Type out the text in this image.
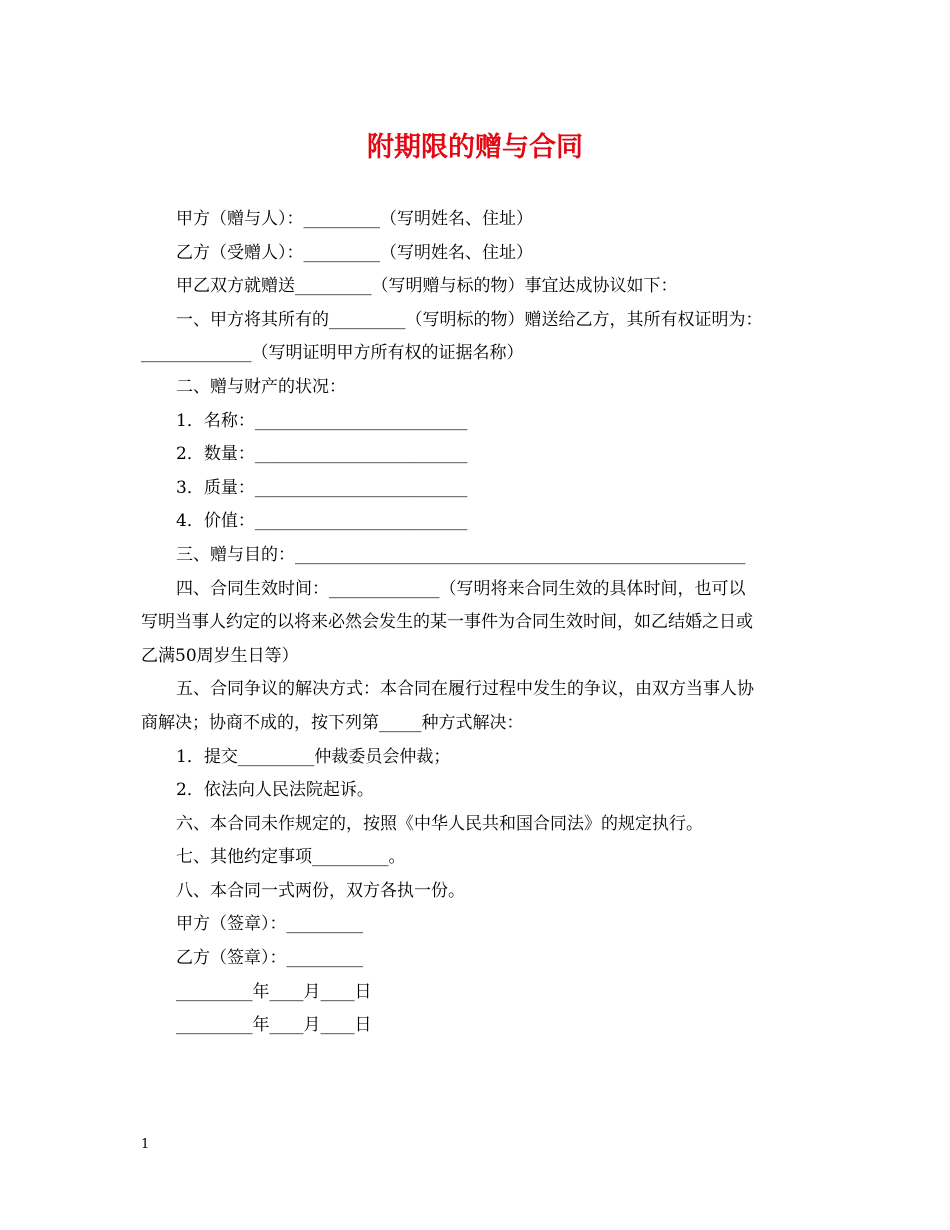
附期限的赠与合同

甲方（赠与人）：_________（写明姓名、住址）

乙方（受赠人）：_________（写明姓名、住址）

甲乙双方就赠送_________（写明赠与标的物）事宜达成协议如下：

一、甲方将其所有的_________（写明标的物）赠送给乙方，其所有权证明为：

_____________（写明证明甲方所有权的证据名称）

二、赠与财产的状况：

1．名称：_________________________

2．数量：_________________________

3．质量：_________________________

4．价值：_________________________

三、赠与目的：_____________________________________________________

四、合同生效时间：_____________（写明将来合同生效的具体时间，也可以

写明当事人约定的以将来必然会发生的某一事件为合同生效时间，如乙结婚之日或

乙满50周岁生日等）

五、合同争议的解决方式：本合同在履行过程中发生的争议，由双方当事人协

商解决；协商不成的，按下列第_____种方式解决：

1．提交_________仲裁委员会仲裁；

2．依法向人民法院起诉。

六、本合同未作规定的，按照《中华人民共和国合同法》的规定执行。

七、其他约定事项_________。

八、本合同一式两份，双方各执一份。

甲方（签章）：_________

乙方（签章）：_________

_________年____月____日

_________年____月____日

1
